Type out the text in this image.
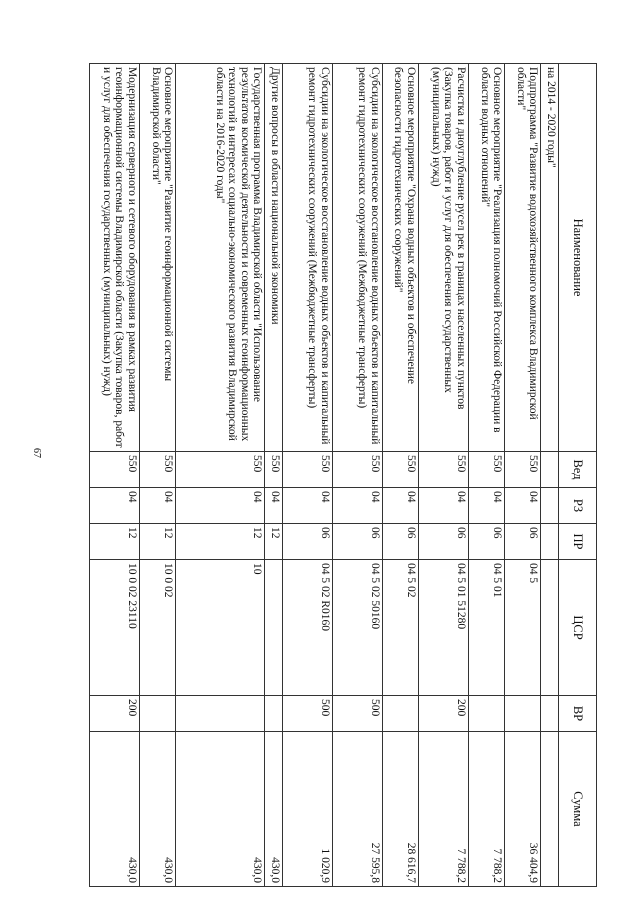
67
Наименование	Вед	РЗ	ПР	ЦСР	ВР	Сумма
на 2014 - 2020 годы"						
Подпрограмма "Развитие водохозяйственного комплекса Владимирской области"	550	04	06	04 5		36 404,9
Основное мероприятие "Реализация полномочий Российской Федерации в области водных отношений"	550	04	06	04 5 01		7 788,2
Расчистка и дноуглубление русел рек в границах населенных пунктов (Закупка товаров, работ и услуг для обеспечения государственных (муниципальных) нужд)	550	04	06	04 5 01 51280	200	7 788,2
Основное мероприятие "Охрана водных объектов и обеспечение безопасности гидротехнических сооружений"	550	04	06	04 5 02		28 616,7
Субсидии на экологическое восстановление водных объектов и капитальный ремонт гидротехнических сооружений (Межбюджетные трансферты)	550	04	06	04 5 02 50160	500	27 595,8
Субсидии на экологическое восстановление водных объектов и капитальный ремонт гидротехнических сооружений (Межбюджетные трансферты)	550	04	06	04 5 02 R0160	500	1 020,9
Другие вопросы в области национальной экономики	550	04	12			430,0
Государственная программа Владимирской области "Использование результатов космической деятельности и современных геоинформационных технологий в интересах социально-экономического развития Владимирской области на 2016-2020 годы"	550	04	12	10		430,0
Основное мероприятие "Развитие геоинформационной системы Владимирской области"	550	04	12	10 0 02		430,0
Модернизация серверного и сетевого оборудования в рамках развития геоинформационной системы Владимирской области (Закупка товаров, работ и услуг для обеспечения государственных (муниципальных) нужд)	550	04	12	10 0 02 23110	200	430,0
